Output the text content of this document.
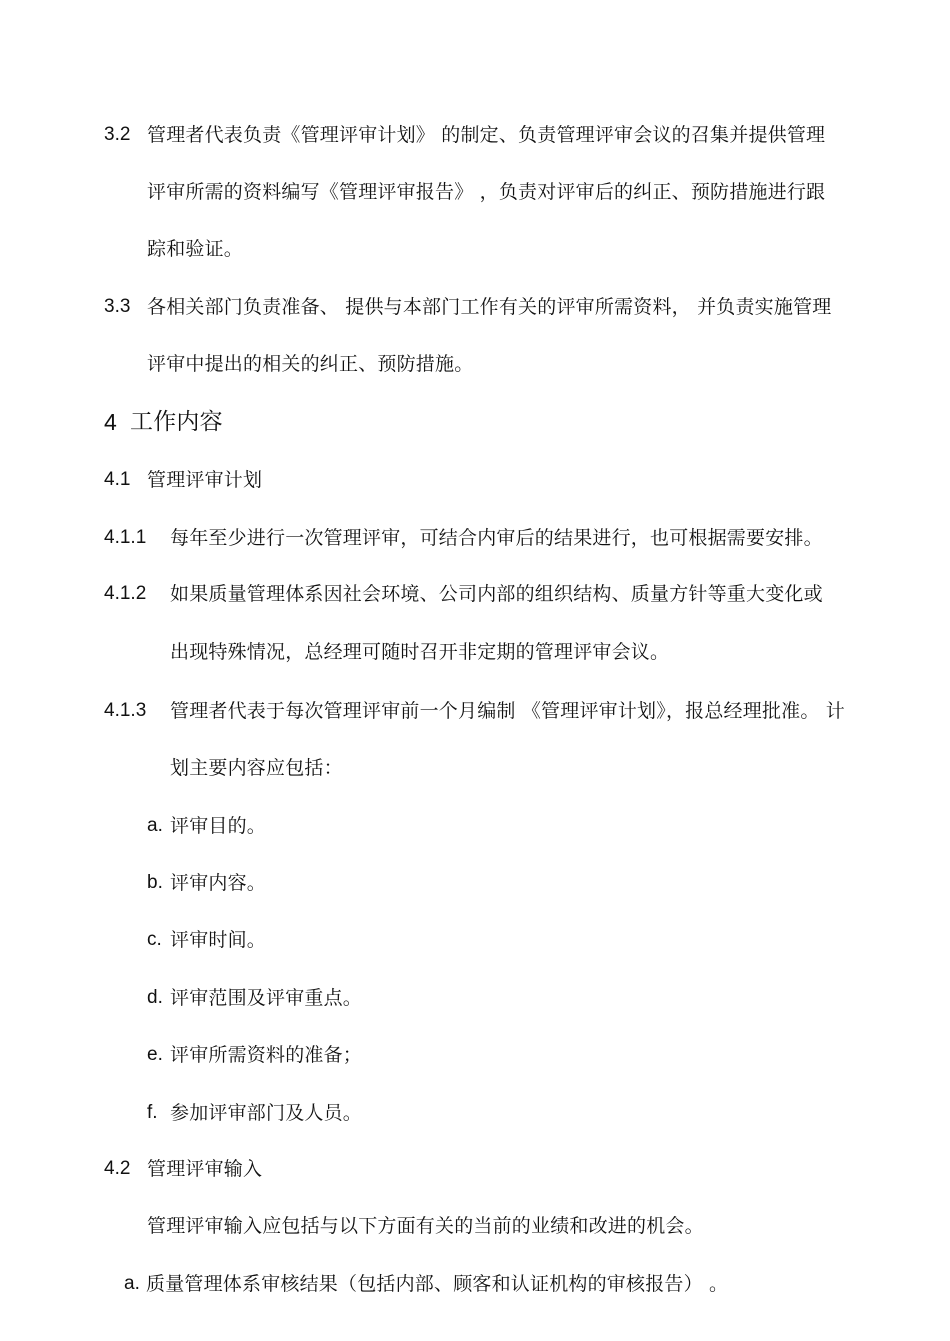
3.2 管理者代表负责《管理评审计划》 的制定、负责管理评审会议的召集并提供管理
评审所需的资料编写《管理评审报告》 ，负责对评审后的纠正、预防措施进行跟
踪和验证。
3.3 各相关部门负责准备、 提供与本部门工作有关的评审所需资料， 并负责实施管理
评审中提出的相关的纠正、预防措施。
4 工作内容
4.1 管理评审计划
4.1.1 每年至少进行一次管理评审，可结合内审后的结果进行，也可根据需要安排。
4.1.2 如果质量管理体系因社会环境、公司内部的组织结构、质量方针等重大变化或
出现特殊情况，总经理可随时召开非定期的管理评审会议。
4.1.3 管理者代表于每次管理评审前一个月编制 《管理评审计划》，报总经理批准。 计
划主要内容应包括：
a. 评审目的。
b. 评审内容。
c. 评审时间。
d. 评审范围及评审重点。
e. 评审所需资料的准备；
f. 参加评审部门及人员。
4.2 管理评审输入
管理评审输入应包括与以下方面有关的当前的业绩和改进的机会。
a. 质量管理体系审核结果（包括内部、顾客和认证机构的审核报告） 。
